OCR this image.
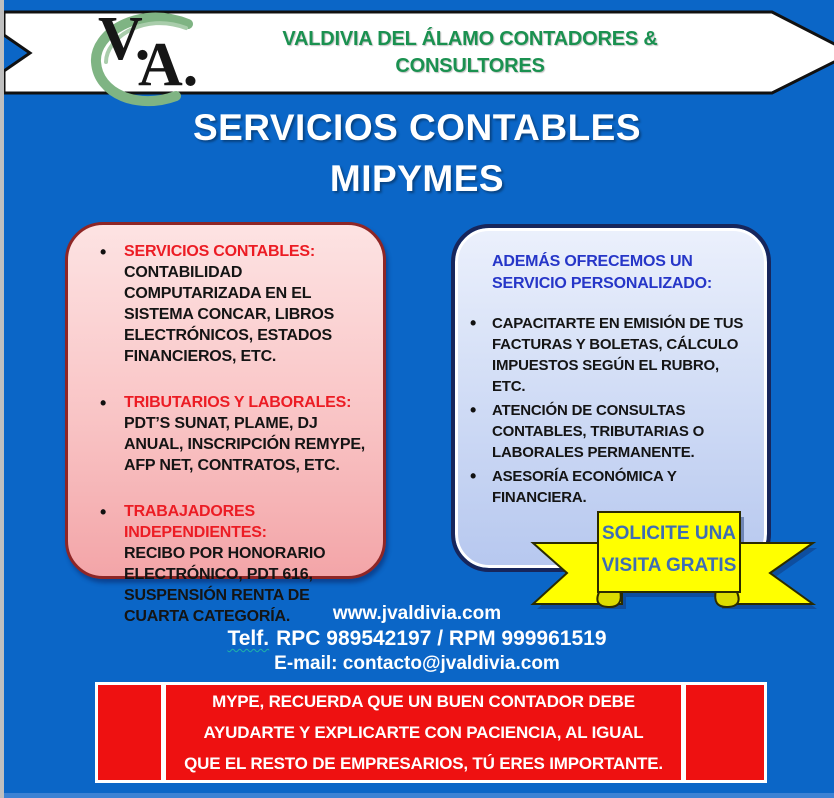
V.
A.	VALDIVIA DEL ÁLAMO CONTADORES &
CONSULTORES
SERVICIOS CONTABLES
MIPYMES
• SERVICIOS CONTABLES:
CONTABILIDAD COMPUTARIZADA EN EL SISTEMA CONCAR, LIBROS ELECTRÓNICOS, ESTADOS FINANCIEROS, ETC.
• TRIBUTARIOS Y LABORALES:
PDT’S SUNAT, PLAME, DJ ANUAL, INSCRIPCIÓN REMYPE, AFP NET, CONTRATOS, ETC.
• TRABAJADORES INDEPENDIENTES:
RECIBO POR HONORARIO ELECTRÓNICO, PDT 616, SUSPENSIÓN RENTA DE CUARTA CATEGORÍA.
ADEMÁS OFRECEMOS UN
SERVICIO PERSONALIZADO:
• CAPACITARTE EN EMISIÓN DE TUS FACTURAS Y BOLETAS, CÁLCULO IMPUESTOS SEGÚN EL RUBRO, ETC.
• ATENCIÓN DE CONSULTAS CONTABLES, TRIBUTARIAS O LABORALES PERMANENTE.
• ASESORÍA ECONÓMICA Y FINANCIERA.
SOLICITE UNA
VISITA GRATIS
www.jvaldivia.com
Telf. RPC 989542197 / RPM 999961519
E-mail: contacto@jvaldivia.com
MYPE, RECUERDA QUE UN BUEN CONTADOR DEBE
AYUDARTE Y EXPLICARTE CON PACIENCIA, AL IGUAL
QUE EL RESTO DE EMPRESARIOS, TÚ ERES IMPORTANTE.
